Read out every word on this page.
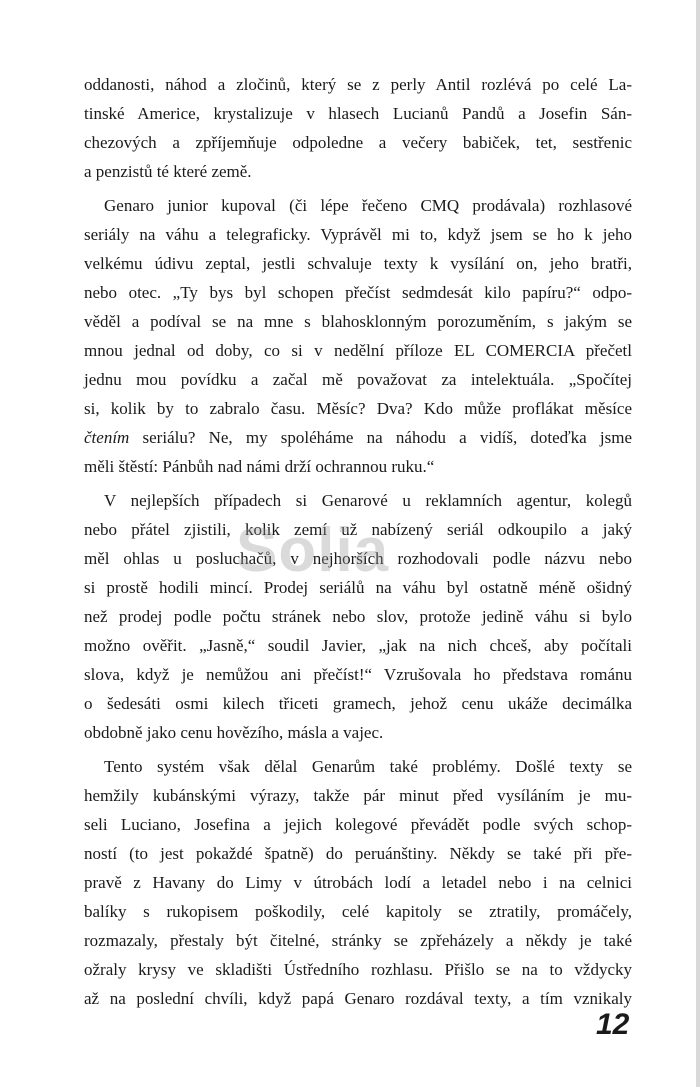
oddanosti, náhod a zločinů, který se z perly Antil rozlévá po celé La-
tinské Americe, krystalizuje v hlasech Lucianů Pandů a Josefin Sán-
chezových a zpříjemňuje odpoledne a večery babiček, tet, sestřenic
a penzistů té které země.
Genaro junior kupoval (či lépe řečeno CMQ prodávala) rozhlasové
seriály na váhu a telegraficky. Vyprávěl mi to, když jsem se ho k jeho
velkému údivu zeptal, jestli schvaluje texty k vysílání on, jeho bratři,
nebo otec. „Ty bys byl schopen přečíst sedmdesát kilo papíru?“ odpo-
věděl a podíval se na mne s blahosklonným porozuměním, s jakým se
mnou jednal od doby, co si v nedělní příloze EL COMERCIA přečetl
jednu mou povídku a začal mě považovat za intelektuála. „Spočítej
si, kolik by to zabralo času. Měsíc? Dva? Kdo může proflákat měsíce
čtením seriálu? Ne, my spoléháme na náhodu a vidíš, doteďka jsme
měli štěstí: Pánbůh nad námi drží ochrannou ruku.“
V nejlepších případech si Genarové u reklamních agentur, kolegů
nebo přátel zjistili, kolik zemí už nabízený seriál odkoupilo a jaký
měl ohlas u posluchačů, v nejhorších rozhodovali podle názvu nebo
si prostě hodili mincí. Prodej seriálů na váhu byl ostatně méně ošidný
než prodej podle počtu stránek nebo slov, protože jedině váhu si bylo
možno ověřit. „Jasně,“ soudil Javier, „jak na nich chceš, aby počítali
slova, když je nemůžou ani přečíst!“ Vzrušovala ho představa románu
o šedesáti osmi kilech třiceti gramech, jehož cenu ukáže decimálka
obdobně jako cenu hovězího, másla a vajec.
Tento systém však dělal Genarům také problémy. Došlé texty se
hemžily kubánskými výrazy, takže pár minut před vysíláním je mu-
seli Luciano, Josefina a jejich kolegové převádět podle svých schop-
ností (to jest pokaždé špatně) do peruánštiny. Někdy se také při pře-
pravě z Havany do Limy v útrobách lodí a letadel nebo i na celnici
balíky s rukopisem poškodily, celé kapitoly se ztratily, promáčely,
rozmazaly, přestaly být čitelné, stránky se zpřeházely a někdy je také
ožraly krysy ve skladišti Ústředního rozhlasu. Přišlo se na to vždycky
až na poslední chvíli, když papá Genaro rozdával texty, a tím vznikaly
Solia
12
